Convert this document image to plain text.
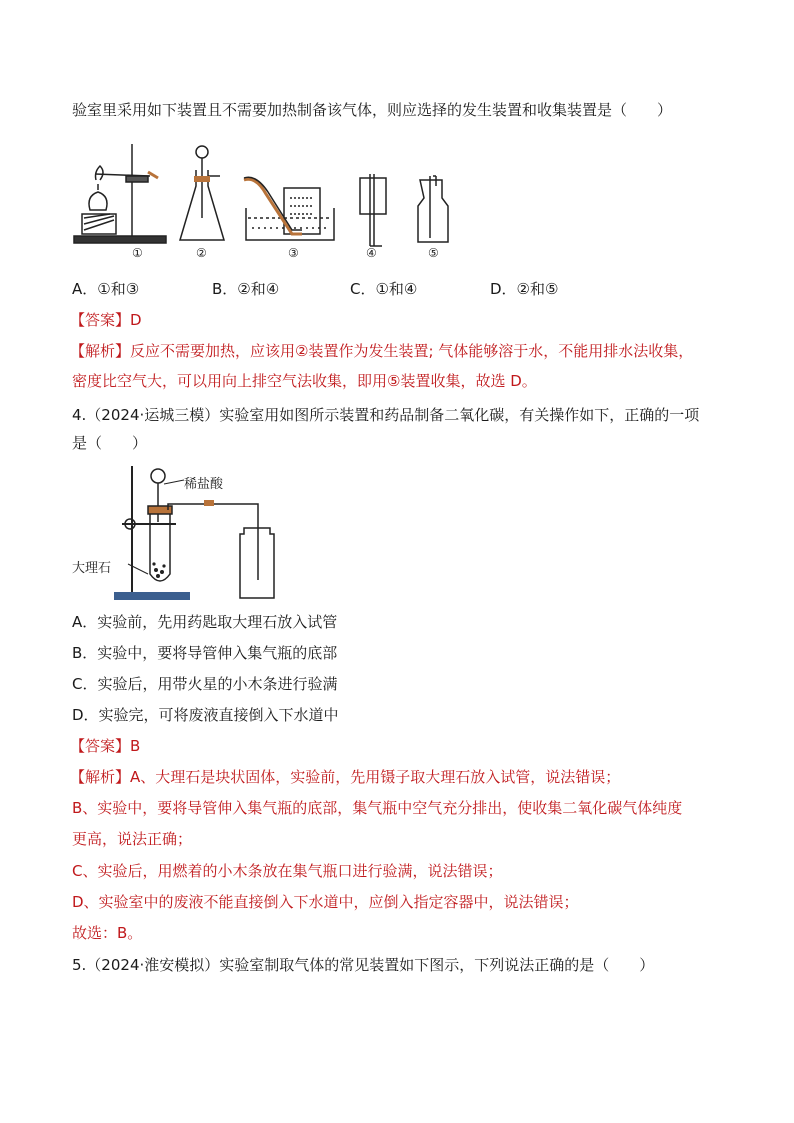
验室里采用如下装置且不需要加热制备该气体，则应选择的发生装置和收集装置是（　　）
①	②	③	④	⑤
A．①和③	B．②和④	C．①和④	D．②和⑤
【答案】D
【解析】反应不需要加热，应该用②装置作为发生装置; 气体能够溶于水，不能用排水法收集，
密度比空气大，可以用向上排空气法收集，即用⑤装置收集，故选 D。
4.（2024·运城三模）实验室用如图所示装置和药品制备二氧化碳，有关操作如下，正确的一项
是（　　）
稀盐酸
大理石
A．实验前，先用药匙取大理石放入试管
B．实验中，要将导管伸入集气瓶的底部
C．实验后，用带火星的小木条进行验满
D．实验完，可将废液直接倒入下水道中
【答案】B
【解析】A、大理石是块状固体，实验前，先用镊子取大理石放入试管，说法错误；
B、实验中，要将导管伸入集气瓶的底部，集气瓶中空气充分排出，使收集二氧化碳气体纯度
更高，说法正确；
C、实验后，用燃着的小木条放在集气瓶口进行验满，说法错误；
D、实验室中的废液不能直接倒入下水道中，应倒入指定容器中，说法错误；
故选：B。
5.（2024·淮安模拟）实验室制取气体的常见装置如下图示，下列说法正确的是（　　）
